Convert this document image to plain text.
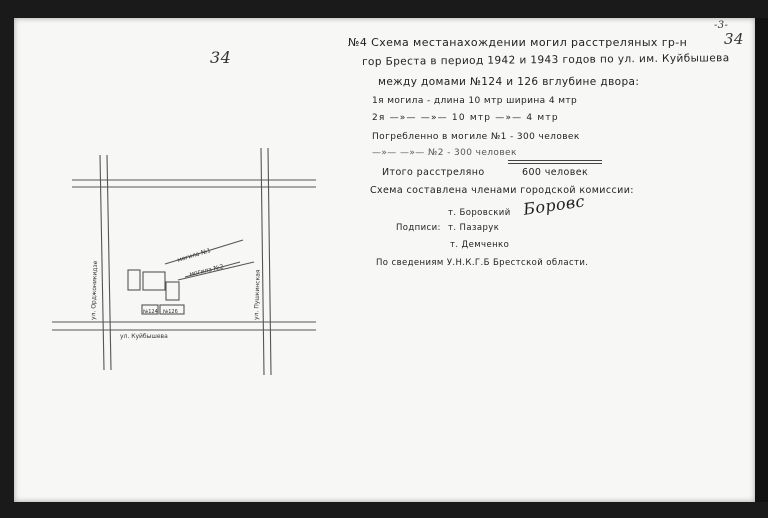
34
-3-
34
№4 Схема местанахождении могил расстреляных гр-н
гор Бреста в период 1942 и 1943 годов по ул. им. Куйбышева
между домами №124 и 126 вглубине двора:
1я могила - длина 10 мтр ширина 4 мтр
2я —»— —»— 10 мтр —»— 4 мтр
Погребленно в могиле №1 - 300 человек
—»— —»— №2 - 300 человек
Итого расстреляно	600 человек
Схема составлена членами городской комиссии:
т. Боровский Боровс
Подписи: т. Пазарук
т. Демченко
По сведениям У.Н.К.Г.Б Брестской области.
могила №1
могила №2
ул. Куйбышева
ул. Орджоникидзе	ул. Пушкинская
№124 №126
